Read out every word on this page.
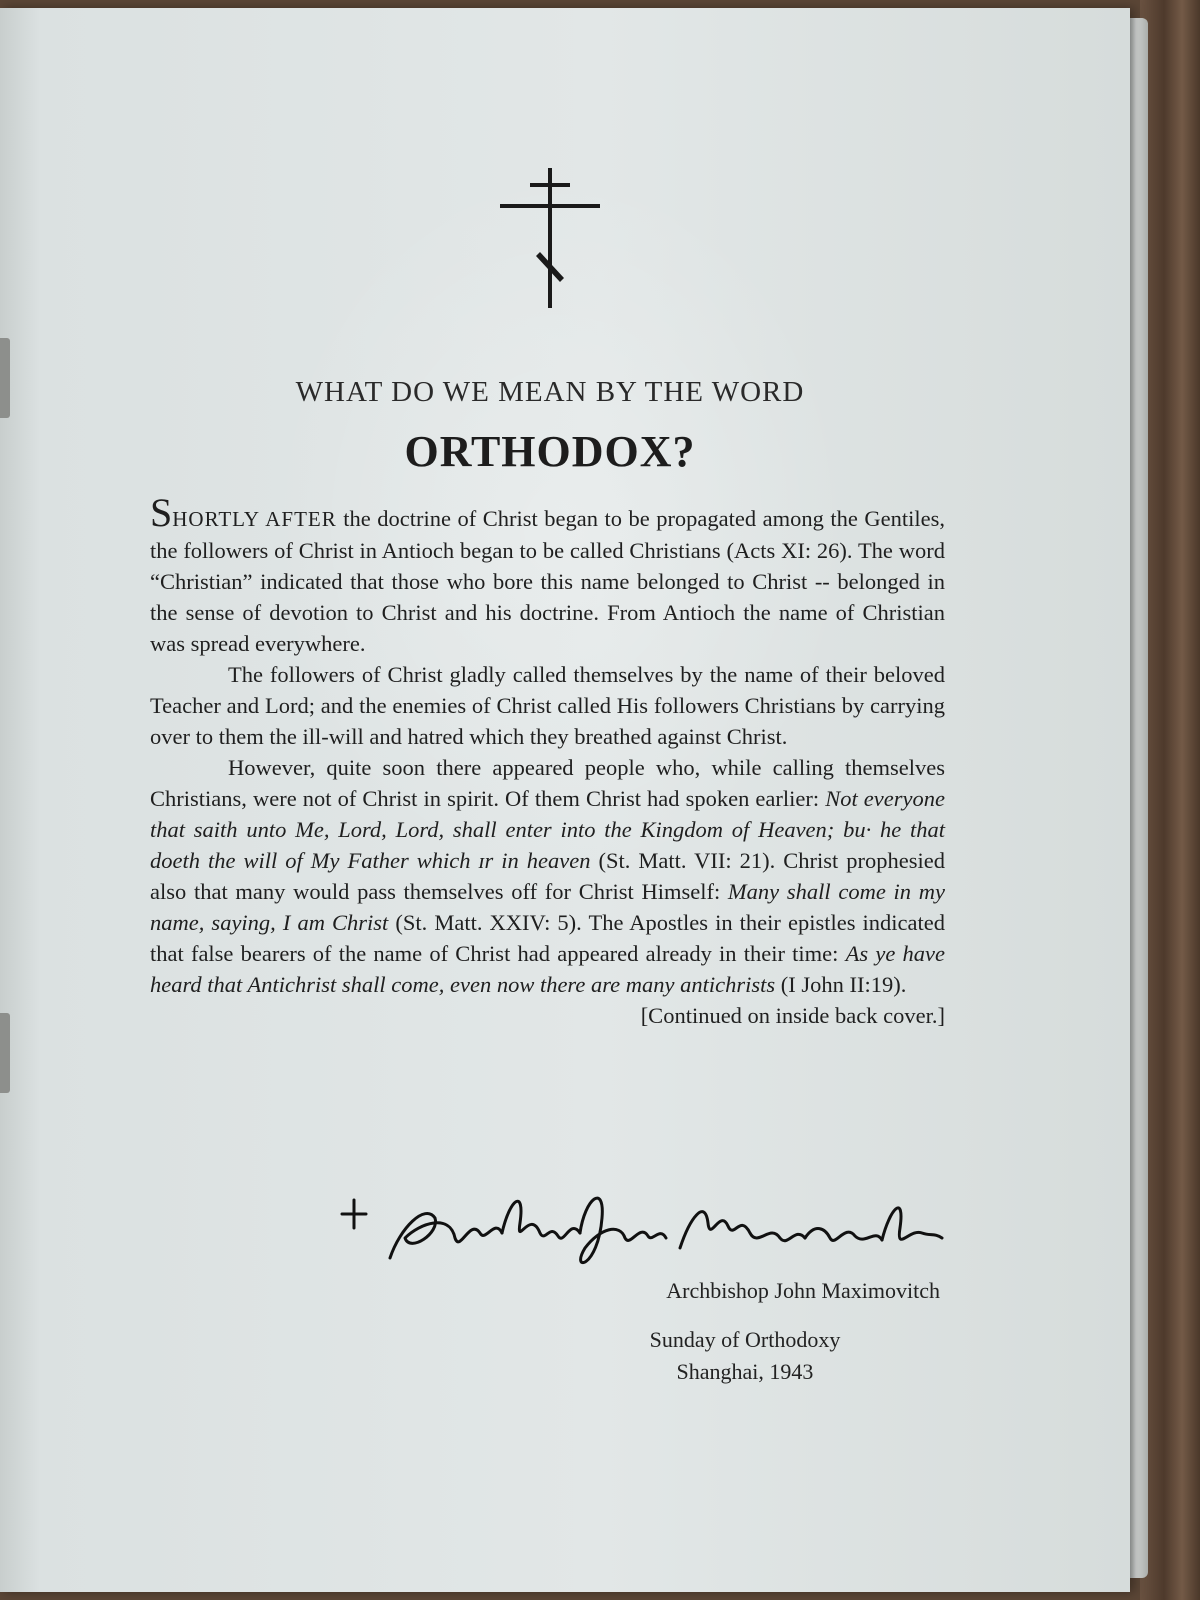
WHAT DO WE MEAN BY THE WORD
ORTHODOX?

SHORTLY AFTER the doctrine of Christ began to be propagated among the Gentiles, the followers of Christ in Antioch began to be called Christians (Acts XI: 26). The word “Christian” indicated that those who bore this name belonged to Christ -- belonged in the sense of devotion to Christ and his doctrine. From Antioch the name of Christian was spread everywhere.

The followers of Christ gladly called themselves by the name of their beloved Teacher and Lord; and the enemies of Christ called His followers Christians by carrying over to them the ill-will and hatred which they breathed against Christ.

However, quite soon there appeared people who, while calling themselves Christians, were not of Christ in spirit. Of them Christ had spoken earlier: Not everyone that saith unto Me, Lord, Lord, shall enter into the Kingdom of Heaven; bu· he that doeth the will of My Father which ɪr in heaven (St. Matt. VII: 21). Christ prophesied also that many would pass themselves off for Christ Himself: Many shall come in my name, saying, I am Christ (St. Matt. XXIV: 5). The Apostles in their epistles indicated that false bearers of the name of Christ had appeared already in their time: As ye have heard that Antichrist shall come, even now there are many antichrists (I John II:19).
[Continued on inside back cover.]

Archbishop John Maximovitch
Sunday of Orthodoxy
Shanghai, 1943
